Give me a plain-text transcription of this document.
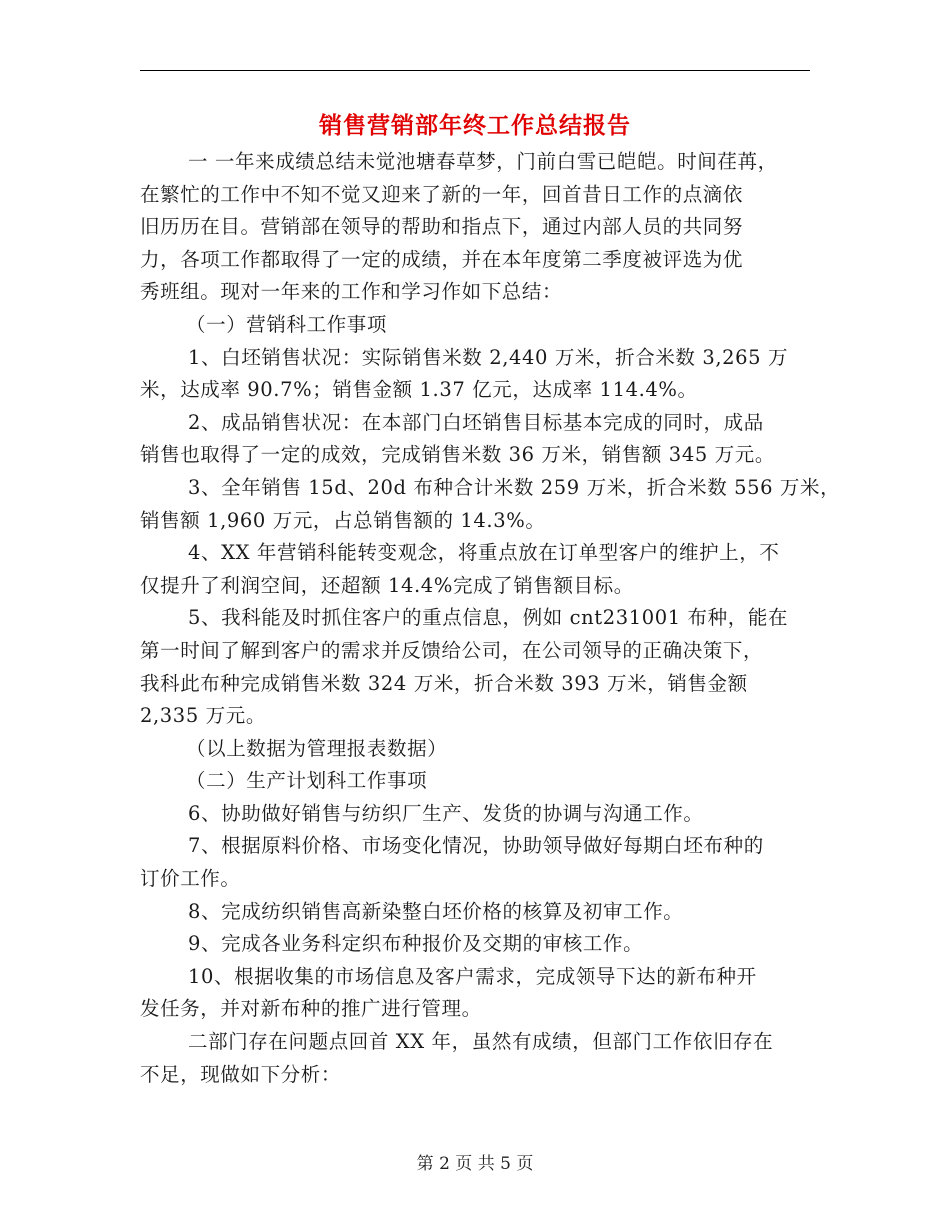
销售营销部年终工作总结报告
一 一年来成绩总结未觉池塘春草梦，门前白雪已皑皑。时间荏苒，
在繁忙的工作中不知不觉又迎来了新的一年，回首昔日工作的点滴依
旧历历在目。营销部在领导的帮助和指点下，通过内部人员的共同努
力，各项工作都取得了一定的成绩，并在本年度第二季度被评选为优
秀班组。现对一年来的工作和学习作如下总结：
（一）营销科工作事项
1、白坯销售状况：实际销售米数 2,440 万米，折合米数 3,265 万
米，达成率 90.7%；销售金额 1.37 亿元，达成率 114.4%。
2、成品销售状况：在本部门白坯销售目标基本完成的同时，成品
销售也取得了一定的成效，完成销售米数 36 万米，销售额 345 万元。
3、全年销售 15d、20d 布种合计米数 259 万米，折合米数 556 万米，
销售额 1,960 万元，占总销售额的 14.3%。
4、XX 年营销科能转变观念，将重点放在订单型客户的维护上，不
仅提升了利润空间，还超额 14.4%完成了销售额目标。
5、我科能及时抓住客户的重点信息，例如 cnt231001 布种，能在
第一时间了解到客户的需求并反馈给公司，在公司领导的正确决策下，
我科此布种完成销售米数 324 万米，折合米数 393 万米，销售金额
2,335 万元。
（以上数据为管理报表数据）
（二）生产计划科工作事项
6、协助做好销售与纺织厂生产、发货的协调与沟通工作。
7、根据原料价格、市场变化情况，协助领导做好每期白坯布种的
订价工作。
8、完成纺织销售高新染整白坯价格的核算及初审工作。
9、完成各业务科定织布种报价及交期的审核工作。
10、根据收集的市场信息及客户需求，完成领导下达的新布种开
发任务，并对新布种的推广进行管理。
二部门存在问题点回首 XX 年，虽然有成绩，但部门工作依旧存在
不足，现做如下分析：
第 2 页 共 5 页
